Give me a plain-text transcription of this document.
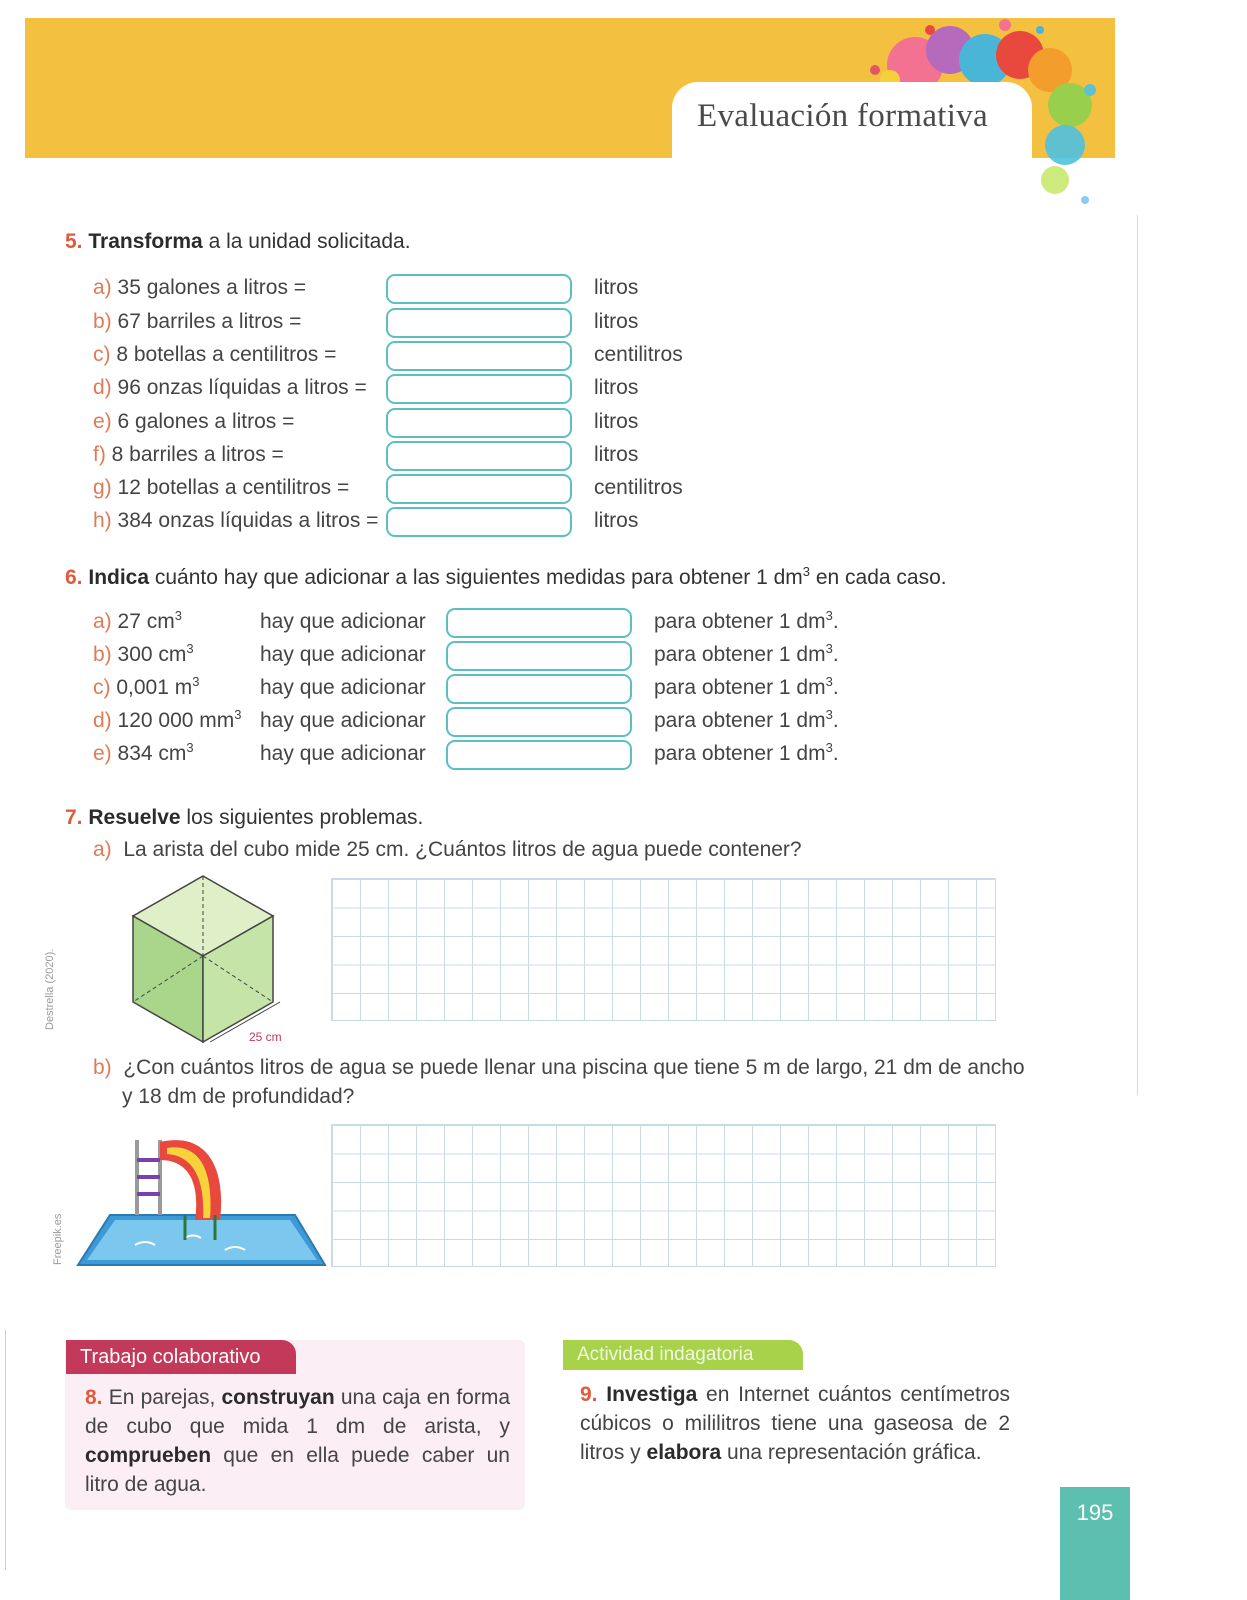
Evaluación formativa
5. Transforma a la unidad solicitada.
a) 35 galones a litros =	litros
b) 67 barriles a litros =	litros
c) 8 botellas a centilitros =	centilitros
d) 96 onzas líquidas a litros =	litros
e) 6 galones a litros =	litros
f) 8 barriles a litros =	litros
g) 12 botellas a centilitros =	centilitros
h) 384 onzas líquidas a litros =	litros
6. Indica cuánto hay que adicionar a las siguientes medidas para obtener 1 $dm^3$ en cada caso.
a) 27 $cm^3$	hay que adicionar	para obtener 1 $dm^3$.
b) 300 $cm^3$	hay que adicionar	para obtener 1 $dm^3$.
c) 0,001 $m^3$	hay que adicionar	para obtener 1 $dm^3$.
d) 120 000 $mm^3$ hay que adicionar	para obtener 1 $dm^3$.
e) 834 $cm^3$	hay que adicionar	para obtener 1 $dm^3$.
7. Resuelve los siguientes problemas.
a) La arista del cubo mide 25 cm. ¿Cuántos litros de agua puede contener?
25 cm
Destrella (2020).
b) ¿Con cuántos litros de agua se puede llenar una piscina que tiene 5 m de largo, 21 dm de ancho
y 18 dm de profundidad?
Freepik.es
Trabajo colaborativo
8. En parejas, construyan una caja en forma de cubo que mida 1 dm de arista, y comprueben que en ella puede caber un litro de agua.
Actividad indagatoria
9. Investiga en Internet cuántos centímetros cúbicos o mililitros tiene una gaseosa de 2 litros y elabora una representación gráfica.
195
